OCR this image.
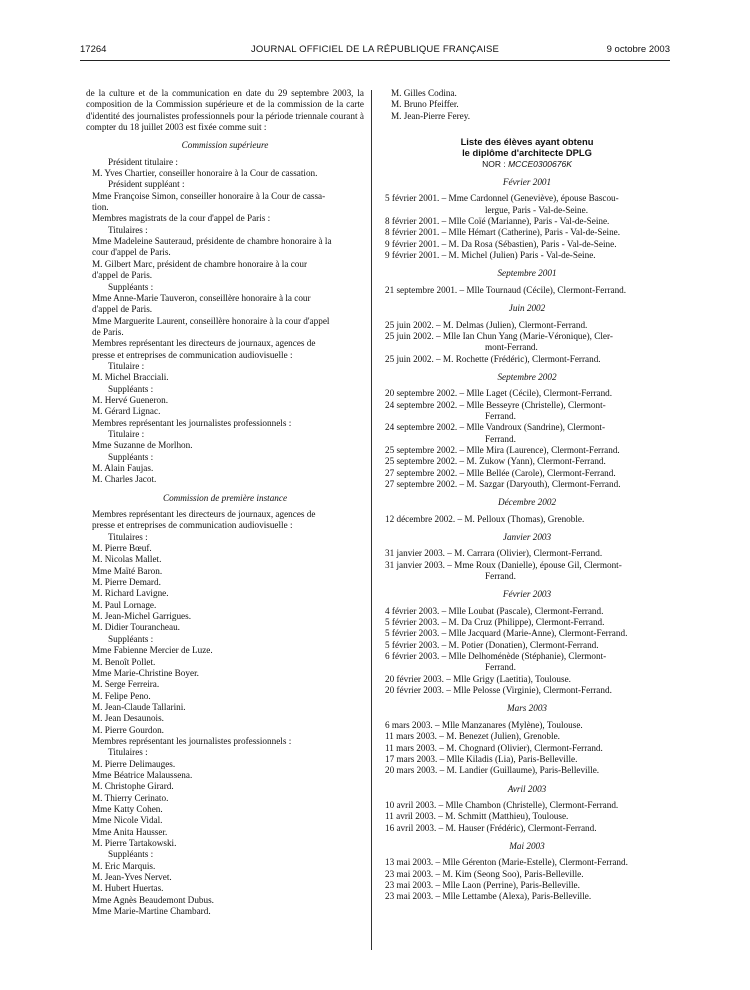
17264	JOURNAL OFFICIEL DE LA RÉPUBLIQUE FRANÇAISE	9 octobre 2003
de la culture et de la communication en date du 29 septembre 2003, la composition de la Commission supérieure et de la commission de la carte d'identité des journalistes professionnels pour la période triennale courant à compter du 18 juillet 2003 est fixée comme suit :
Commission supérieure
Président titulaire :
M. Yves Chartier, conseiller honoraire à la Cour de cassation.
Président suppléant :
Mme Françoise Simon, conseiller honoraire à la Cour de cassa-
tion.
Membres magistrats de la cour d'appel de Paris :
Titulaires :
Mme Madeleine Sauteraud, présidente de chambre honoraire à la
cour d'appel de Paris.
M. Gilbert Marc, président de chambre honoraire à la cour
d'appel de Paris.
Suppléants :
Mme Anne-Marie Tauveron, conseillère honoraire à la cour
d'appel de Paris.
Mme Marguerite Laurent, conseillère honoraire à la cour d'appel
de Paris.
Membres représentant les directeurs de journaux, agences de
presse et entreprises de communication audiovisuelle :
Titulaire :
M. Michel Bracciali.
Suppléants :
M. Hervé Gueneron.
M. Gérard Lignac.
Membres représentant les journalistes professionnels :
Titulaire :
Mme Suzanne de Morlhon.
Suppléants :
M. Alain Faujas.
M. Charles Jacot.
Commission de première instance
Membres représentant les directeurs de journaux, agences de
presse et entreprises de communication audiovisuelle :
Titulaires :
M. Pierre Bœuf.
M. Nicolas Mallet.
Mme Maïté Baron.
M. Pierre Demard.
M. Richard Lavigne.
M. Paul Lornage.
M. Jean-Michel Garrigues.
M. Didier Tourancheau.
Suppléants :
Mme Fabienne Mercier de Luze.
M. Benoît Pollet.
Mme Marie-Christine Boyer.
M. Serge Ferreira.
M. Felipe Peno.
M. Jean-Claude Tallarini.
M. Jean Desaunois.
M. Pierre Gourdon.
Membres représentant les journalistes professionnels :
Titulaires :
M. Pierre Delimauges.
Mme Béatrice Malaussena.
M. Christophe Girard.
M. Thierry Cerinato.
Mme Katty Cohen.
Mme Nicole Vidal.
Mme Anita Hausser.
M. Pierre Tartakowski.
Suppléants :
M. Eric Marquis.
M. Jean-Yves Nervet.
M. Hubert Huertas.
Mme Agnès Beaudemont Dubus.
Mme Marie-Martine Chambard.
M. Gilles Codina.
M. Bruno Pfeiffer.
M. Jean-Pierre Ferey.
Liste des élèves ayant obtenu
le diplôme d'architecte DPLG
NOR : MCCE0300676K
Février 2001
5 février 2001. – Mme Cardonnel (Geneviève), épouse Bascou-
lergue, Paris - Val-de-Seine.
8 février 2001. – Mlle Coïé (Marianne), Paris - Val-de-Seine.
8 février 2001. – Mlle Hémart (Catherine), Paris - Val-de-Seine.
9 février 2001. – M. Da Rosa (Sébastien), Paris - Val-de-Seine.
9 février 2001. – M. Michel (Julien) Paris - Val-de-Seine.
Septembre 2001
21 septembre 2001. – Mlle Tournaud (Cécile), Clermont-Ferrand.
Juin 2002
25 juin 2002. – M. Delmas (Julien), Clermont-Ferrand.
25 juin 2002. – Mlle Ian Chun Yang (Marie-Véronique), Cler-
mont-Ferrand.
25 juin 2002. – M. Rochette (Frédéric), Clermont-Ferrand.
Septembre 2002
20 septembre 2002. – Mlle Laget (Cécile), Clermont-Ferrand.
24 septembre 2002. – Mlle Besseyre (Christelle), Clermont-
Ferrand.
24 septembre 2002. – Mlle Vandroux (Sandrine), Clermont-
Ferrand.
25 septembre 2002. – Mlle Mira (Laurence), Clermont-Ferrand.
25 septembre 2002. – M. Zukow (Yann), Clermont-Ferrand.
27 septembre 2002. – Mlle Bellée (Carole), Clermont-Ferrand.
27 septembre 2002. – M. Sazgar (Daryouth), Clermont-Ferrand.
Décembre 2002
12 décembre 2002. – M. Pelloux (Thomas), Grenoble.
Janvier 2003
31 janvier 2003. – M. Carrara (Olivier), Clermont-Ferrand.
31 janvier 2003. – Mme Roux (Danielle), épouse Gil, Clermont-
Ferrand.
Février 2003
4 février 2003. – Mlle Loubat (Pascale), Clermont-Ferrand.
5 février 2003. – M. Da Cruz (Philippe), Clermont-Ferrand.
5 février 2003. – Mlle Jacquard (Marie-Anne), Clermont-Ferrand.
5 février 2003. – M. Potier (Donatien), Clermont-Ferrand.
6 février 2003. – Mlle Delhoménède (Stéphanie), Clermont-
Ferrand.
20 février 2003. – Mlle Grigy (Laetitia), Toulouse.
20 février 2003. – Mlle Pelosse (Virginie), Clermont-Ferrand.
Mars 2003
6 mars 2003. – Mlle Manzanares (Mylène), Toulouse.
11 mars 2003. – M. Benezet (Julien), Grenoble.
11 mars 2003. – M. Chognard (Olivier), Clermont-Ferrand.
17 mars 2003. – Mlle Kiladis (Lia), Paris-Belleville.
20 mars 2003. – M. Landier (Guillaume), Paris-Belleville.
Avril 2003
10 avril 2003. – Mlle Chambon (Christelle), Clermont-Ferrand.
11 avril 2003. – M. Schmitt (Matthieu), Toulouse.
16 avril 2003. – M. Hauser (Frédéric), Clermont-Ferrand.
Mai 2003
13 mai 2003. – Mlle Gérenton (Marie-Estelle), Clermont-Ferrand.
23 mai 2003. – M. Kim (Seong Soo), Paris-Belleville.
23 mai 2003. – Mlle Laon (Perrine), Paris-Belleville.
23 mai 2003. – Mlle Lettambe (Alexa), Paris-Belleville.
